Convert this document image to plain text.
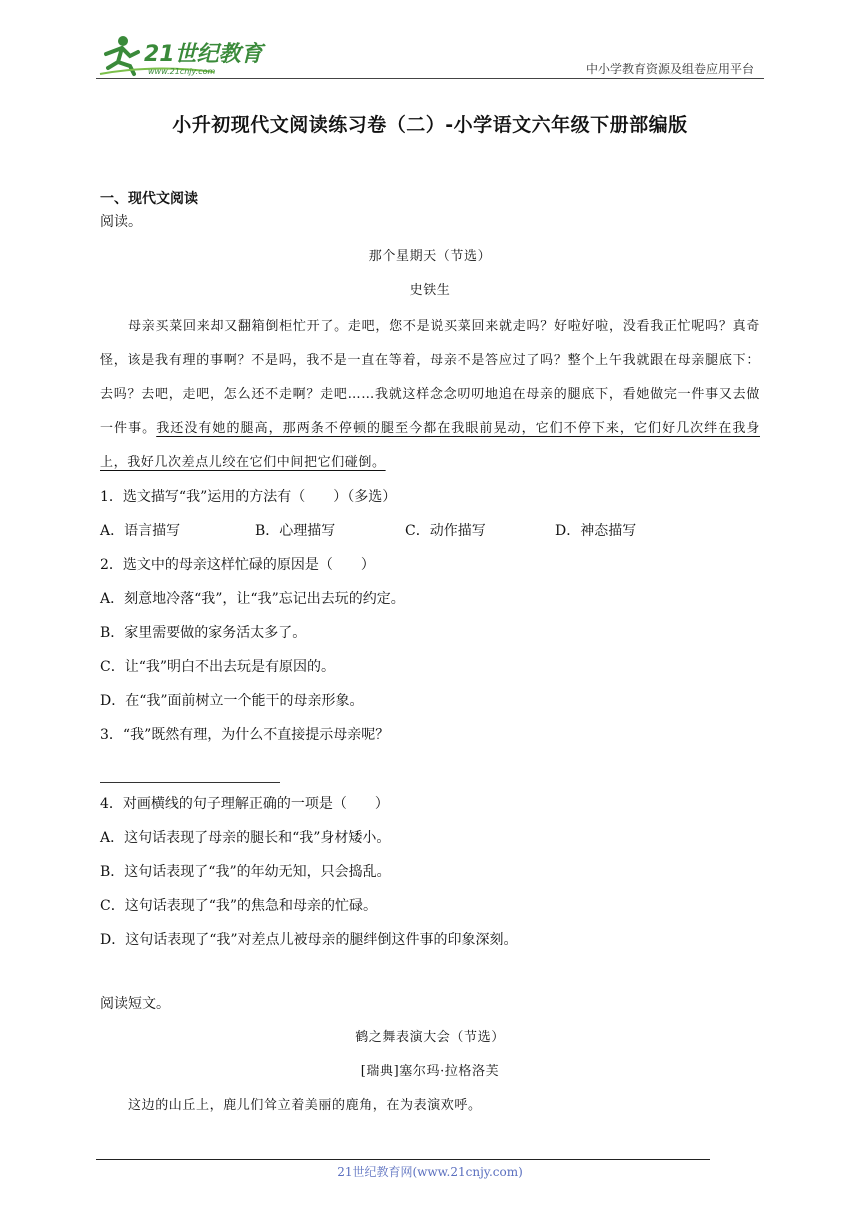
21世纪教育
www.21cnjy.com	中小学教育资源及组卷应用平台
小升初现代文阅读练习卷（二）-小学语文六年级下册部编版
一、现代文阅读
阅读。
那个星期天（节选）
史铁生
母亲买菜回来却又翻箱倒柜忙开了。走吧，您不是说买菜回来就走吗？好啦好啦，没看我正忙呢吗？真奇怪，该是我有理的事啊？不是吗，我不是一直在等着，母亲不是答应过了吗？整个上午我就跟在母亲腿底下：去吗？去吧，走吧，怎么还不走啊？走吧……我就这样念念叨叨地追在母亲的腿底下，看她做完一件事又去做一件事。我还没有她的腿高，那两条不停顿的腿至今都在我眼前晃动，它们不停下来，它们好几次绊在我身上，我好几次差点儿绞在它们中间把它们碰倒。
1．选文描写“我”运用的方法有（　　）（多选）
A．语言描写	B．心理描写	C．动作描写	D．神态描写
2．选文中的母亲这样忙碌的原因是（　　）
A．刻意地冷落“我”，让“我”忘记出去玩的约定。
B．家里需要做的家务活太多了。
C．让“我”明白不出去玩是有原因的。
D．在“我”面前树立一个能干的母亲形象。
3．“我”既然有理，为什么不直接提示母亲呢？
4．对画横线的句子理解正确的一项是（　　）
A．这句话表现了母亲的腿长和“我”身材矮小。
B．这句话表现了“我”的年幼无知，只会捣乱。
C．这句话表现了“我”的焦急和母亲的忙碌。
D．这句话表现了“我”对差点儿被母亲的腿绊倒这件事的印象深刻。
阅读短文。
鹤之舞表演大会（节选）
[瑞典]塞尔玛·拉格洛芙
这边的山丘上，鹿儿们耸立着美丽的鹿角，在为表演欢呼。
21世纪教育网(www.21cnjy.com)
